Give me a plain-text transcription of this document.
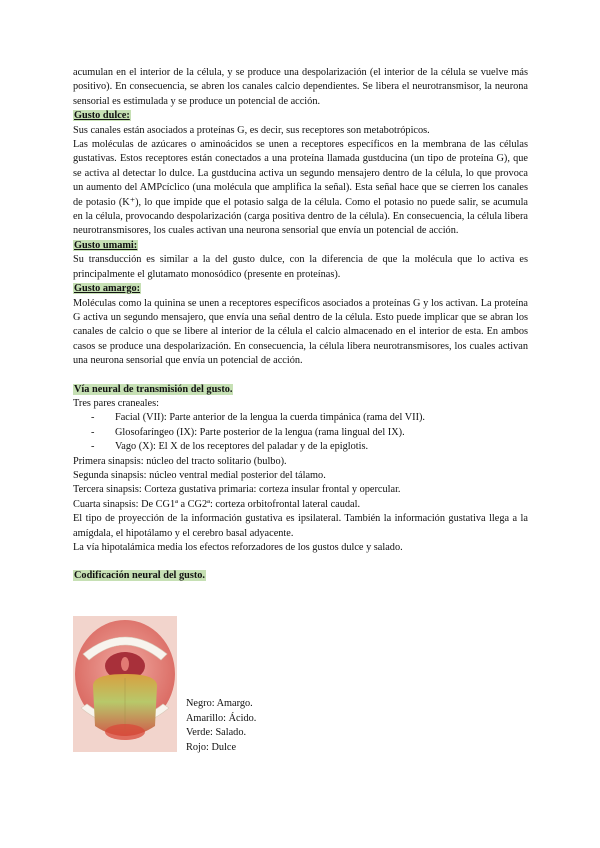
acumulan en el interior de la célula, y se produce una despolarización (el interior de la célula se vuelve más positivo). En consecuencia, se abren los canales calcio dependientes. Se libera el neurotransmisor, la neurona sensorial es estimulada y se produce un potencial de acción.

Gusto dulce:

Sus canales están asociados a proteínas G, es decir, sus receptores son metabotrópicos.

Las moléculas de azúcares o aminoácidos se unen a receptores específicos en la membrana de las células gustativas. Estos receptores están conectados a una proteína llamada gustducina (un tipo de proteína G), que se activa al detectar lo dulce. La gustducina activa un segundo mensajero dentro de la célula, lo que provoca un aumento del AMPcíclico (una molécula que amplifica la señal). Esta señal hace que se cierren los canales de potasio (K⁺), lo que impide que el potasio salga de la célula. Como el potasio no puede salir, se acumula en la célula, provocando despolarización (carga positiva dentro de la célula). En consecuencia, la célula libera neurotransmisores, los cuales activan una neurona sensorial que envía un potencial de acción.

Gusto umami:

Su transducción es similar a la del gusto dulce, con la diferencia de que la molécula que lo activa es principalmente el glutamato monosódico (presente en proteínas).

Gusto amargo:

Moléculas como la quinina se unen a receptores específicos asociados a proteínas G y los activan. La proteína G activa un segundo mensajero, que envía una señal dentro de la célula. Esto puede implicar que se abran los canales de calcio o que se libere al interior de la célula el calcio almacenado en el interior de esta. En ambos casos se produce una despolarización. En consecuencia, la célula libera neurotransmisores, los cuales activan una neurona sensorial que envía un potencial de acción.

Vía neural de transmisión del gusto.

Tres pares craneales:

- Facial (VII): Parte anterior de la lengua la cuerda timpánica (rama del VII).
- Glosofaríngeo (IX): Parte posterior de la lengua (rama lingual del IX).
- Vago (X): El X de los receptores del paladar y de la epiglotis.

Primera sinapsis: núcleo del tracto solitario (bulbo).

Segunda sinapsis: núcleo ventral medial posterior del tálamo.

Tercera sinapsis: Corteza gustativa primaria: corteza insular frontal y opercular.

Cuarta sinapsis: De CG1ª a CG2ª: corteza orbitofrontal lateral caudal.

El tipo de proyección de la información gustativa es ipsilateral. También la información gustativa llega a la amígdala, el hipotálamo y el cerebro basal adyacente.

La vía hipotalámica media los efectos reforzadores de los gustos dulce y salado.

Codificación neural del gusto.

Negro: Amargo.

Amarillo: Ácido.

Verde: Salado.

Rojo: Dulce
